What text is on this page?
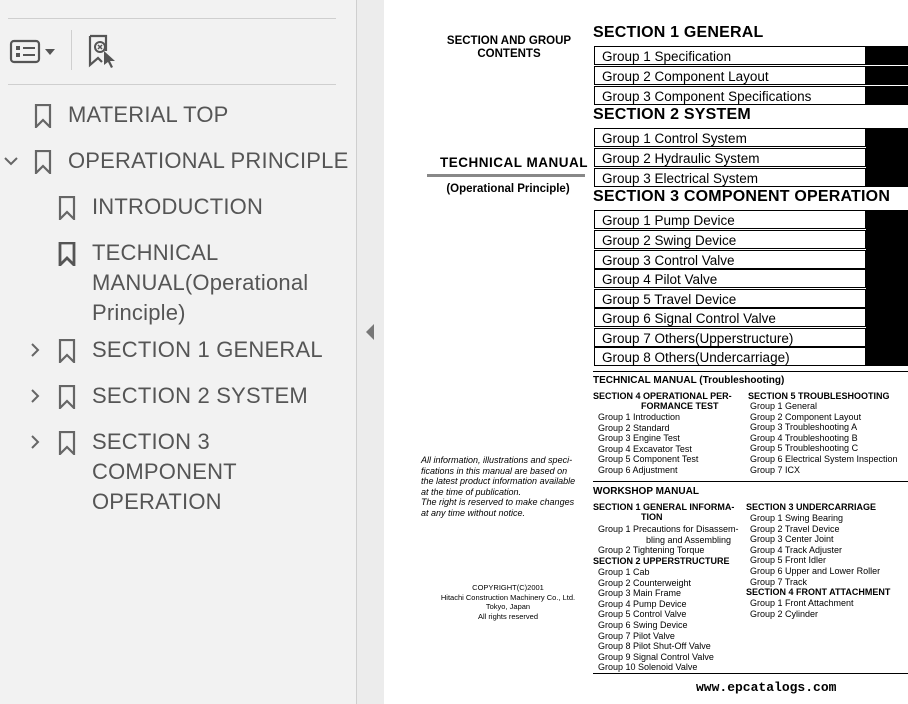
MATERIAL TOP
OPERATIONAL PRINCIPLE
INTRODUCTION
TECHNICAL MANUAL(Operational Principle)
SECTION 1 GENERAL
SECTION 2 SYSTEM
SECTION 3  COMPONENT OPERATION
SECTION AND GROUP CONTENTS
TECHNICAL MANUAL
(Operational Principle)
SECTION 1 GENERAL
Group 1 Specification
Group 2 Component Layout
Group 3 Component Specifications
SECTION 2 SYSTEM
Group 1 Control System
Group 2 Hydraulic System
Group 3 Electrical System
SECTION 3 COMPONENT OPERATION
Group 1 Pump Device
Group 2 Swing Device
Group 3 Control Valve
Group 4 Pilot Valve
Group 5 Travel Device
Group 6 Signal Control Valve
Group 7 Others(Upperstructure)
Group 8 Others(Undercarriage)
TECHNICAL MANUAL (Troubleshooting)
SECTION 4 OPERATIONAL PER-
FORMANCE TEST
Group 1 Introduction
Group 2 Standard
Group 3 Engine Test
Group 4 Excavator Test
Group 5 Component Test
Group 6 Adjustment
SECTION 5 TROUBLESHOOTING
Group 1 General
Group 2 Component Layout
Group 3 Troubleshooting A
Group 4 Troubleshooting B
Group 5 Troubleshooting C
Group 6 Electrical System Inspection
Group 7 ICX
WORKSHOP MANUAL
SECTION 1 GENERAL INFORMA-
TION
Group 1 Precautions for Disassem-
bling and Assembling
Group 2 Tightening Torque
SECTION 2 UPPERSTRUCTURE
Group 1 Cab
Group 2 Counterweight
Group 3 Main Frame
Group 4 Pump Device
Group 5 Control Valve
Group 6 Swing Device
Group 7 Pilot Valve
Group 8 Pilot Shut-Off Valve
Group 9 Signal Control Valve
Group 10 Solenoid Valve
SECTION 3 UNDERCARRIAGE
Group 1 Swing Bearing
Group 2 Travel Device
Group 3 Center Joint
Group 4 Track Adjuster
Group 5 Front Idler
Group 6 Upper and Lower Roller
Group 7 Track
SECTION 4 FRONT ATTACHMENT
Group 1 Front Attachment
Group 2 Cylinder
All information, illustrations and speci-
fications in this manual are based on
the latest product information available
at the time of publication.
The right is reserved to make changes
at any time without notice.
COPYRIGHT(C)2001
Hitachi Construction Machinery Co., Ltd.
Tokyo, Japan
All rights reserved
www.epcatalogs.com
